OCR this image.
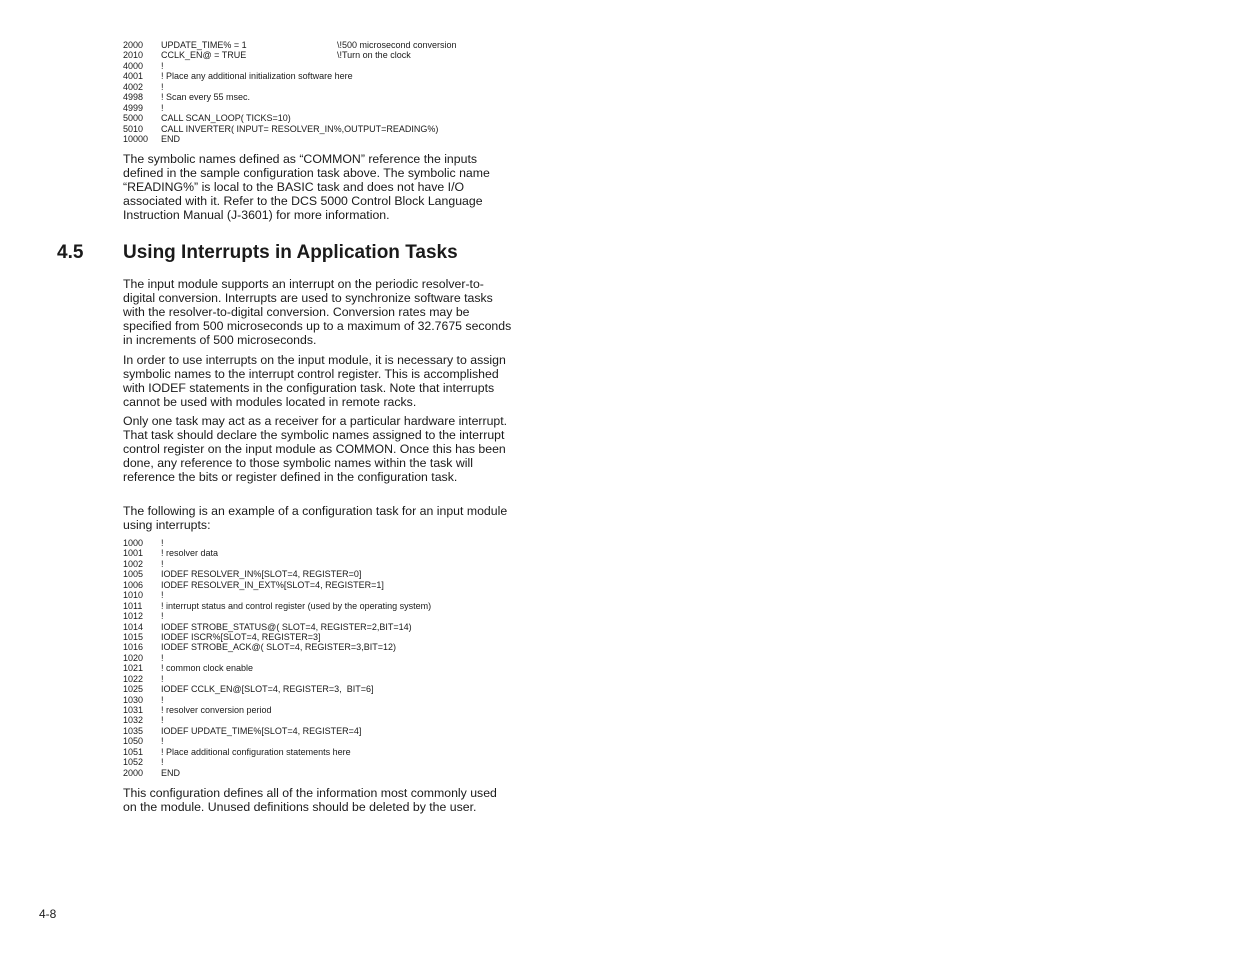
2000	UPDATE_TIME% = 1	\!500 microsecond conversion
2010	CCLK_EN@ = TRUE	\!Turn on the clock
4000	!
4001	! Place any additional initialization software here
4002	!
4998	! Scan every 55 msec.
4999	!
5000	CALL SCAN_LOOP( TICKS=10)
5010	CALL INVERTER( INPUT= RESOLVER_IN%,OUTPUT=READING%)
10000	END

The symbolic names defined as “COMMON” reference the inputs defined in the sample configuration task above. The symbolic name “READING%” is local to the BASIC task and does not have I/O associated with it. Refer to the DCS 5000 Control Block Language Instruction Manual (J-3601) for more information.

4.5 Using Interrupts in Application Tasks

The input module supports an interrupt on the periodic resolver-to-digital conversion. Interrupts are used to synchronize software tasks with the resolver-to-digital conversion. Conversion rates may be specified from 500 microseconds up to a maximum of 32.7675 seconds in increments of 500 microseconds.

In order to use interrupts on the input module, it is necessary to assign symbolic names to the interrupt control register. This is accomplished with IODEF statements in the configuration task. Note that interrupts cannot be used with modules located in remote racks.

Only one task may act as a receiver for a particular hardware interrupt. That task should declare the symbolic names assigned to the interrupt control register on the input module as COMMON. Once this has been done, any reference to those symbolic names within the task will reference the bits or register defined in the configuration task.

The following is an example of a configuration task for an input module using interrupts:

1000	!
1001	! resolver data
1002	!
1005	IODEF RESOLVER_IN%[SLOT=4, REGISTER=0]
1006	IODEF RESOLVER_IN_EXT%[SLOT=4, REGISTER=1]
1010	!
1011	! interrupt status and control register (used by the operating system)
1012	!
1014	IODEF STROBE_STATUS@( SLOT=4, REGISTER=2,BIT=14)
1015	IODEF ISCR%[SLOT=4, REGISTER=3]
1016	IODEF STROBE_ACK@( SLOT=4, REGISTER=3,BIT=12)
1020	!
1021	! common clock enable
1022	!
1025	IODEF CCLK_EN@[SLOT=4, REGISTER=3,  BIT=6]
1030	!
1031	! resolver conversion period
1032	!
1035	IODEF UPDATE_TIME%[SLOT=4, REGISTER=4]
1050	!
1051	! Place additional configuration statements here
1052	!
2000	END

This configuration defines all of the information most commonly used on the module. Unused definitions should be deleted by the user.

4-8
